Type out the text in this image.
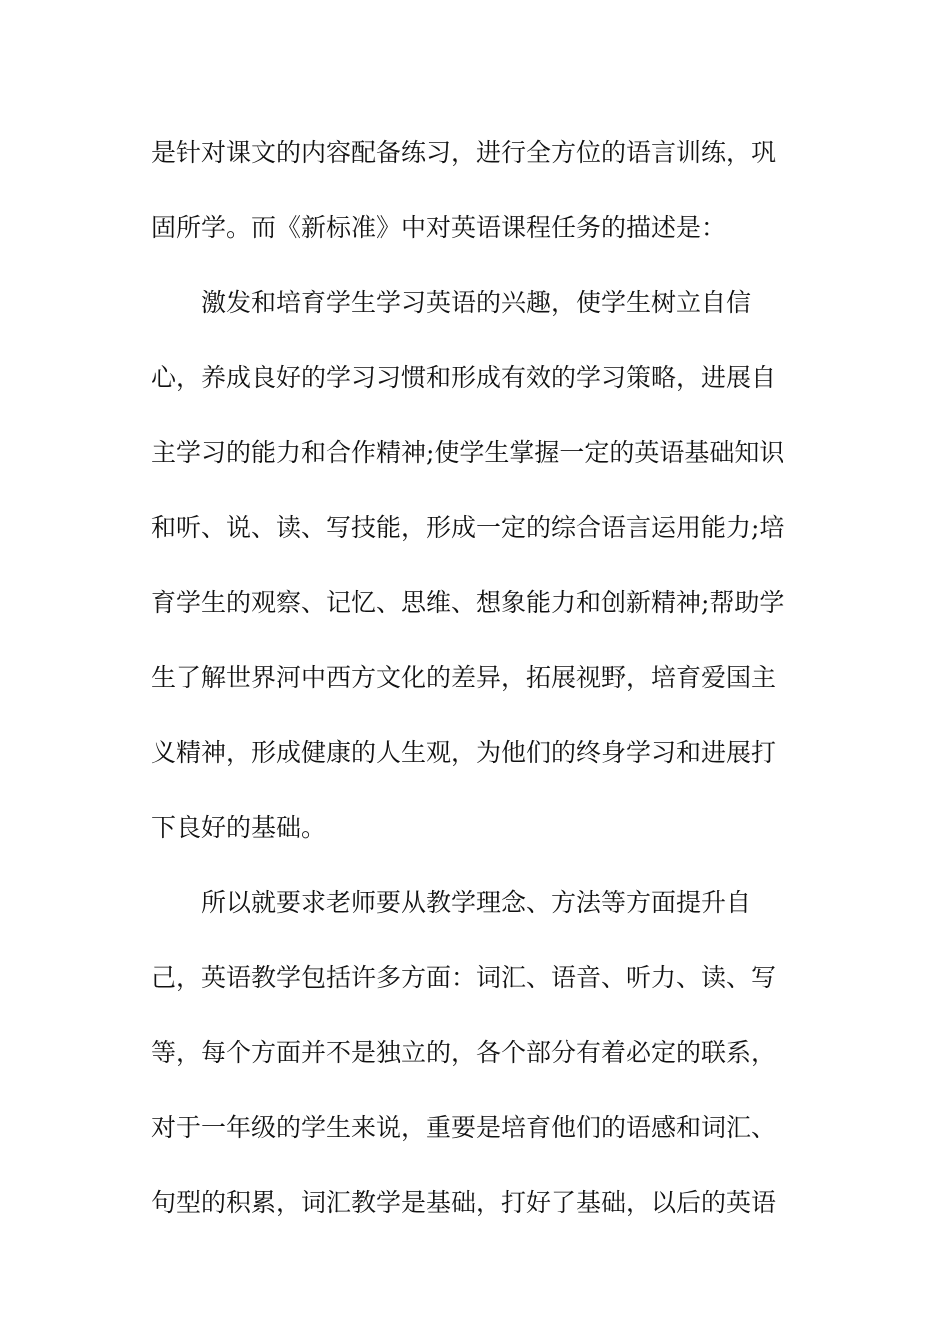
是针对课文的内容配备练习，进行全方位的语言训练，巩
固所学。而《新标准》中对英语课程任务的描述是：
激发和培育学生学习英语的兴趣，使学生树立自信
心，养成良好的学习习惯和形成有效的学习策略，进展自
主学习的能力和合作精神;使学生掌握一定的英语基础知识
和听、说、读、写技能，形成一定的综合语言运用能力;培
育学生的观察、记忆、思维、想象能力和创新精神;帮助学
生了解世界河中西方文化的差异，拓展视野，培育爱国主
义精神，形成健康的人生观，为他们的终身学习和进展打
下良好的基础。
所以就要求老师要从教学理念、方法等方面提升自
己，英语教学包括许多方面：词汇、语音、听力、读、写
等，每个方面并不是独立的，各个部分有着必定的联系，
对于一年级的学生来说，重要是培育他们的语感和词汇、
句型的积累，词汇教学是基础，打好了基础，以后的英语
